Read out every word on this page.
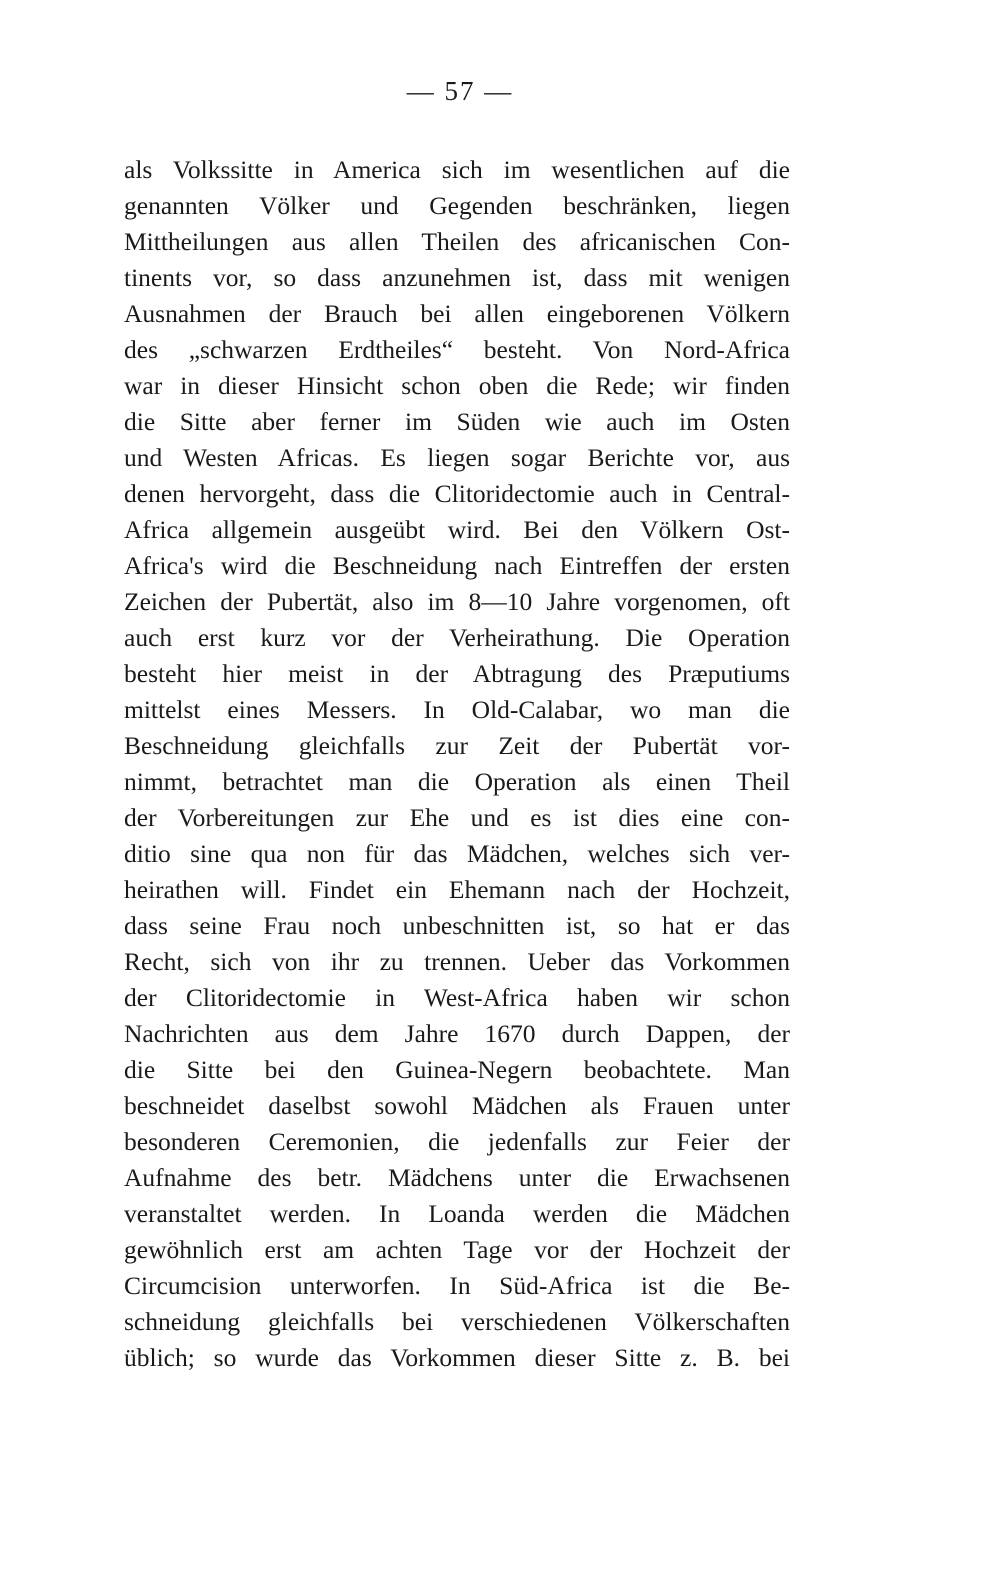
— 57 —
als Volkssitte in America sich im wesentlichen auf die
genannten Völker und Gegenden beschränken, liegen
Mittheilungen aus allen Theilen des africanischen Con-
tinents vor, so dass anzunehmen ist, dass mit wenigen
Ausnahmen der Brauch bei allen eingeborenen Völkern
des „schwarzen Erdtheiles“ besteht. Von Nord-Africa
war in dieser Hinsicht schon oben die Rede; wir finden
die Sitte aber ferner im Süden wie auch im Osten
und Westen Africas. Es liegen sogar Berichte vor, aus
denen hervorgeht, dass die Clitoridectomie auch in Central-
Africa allgemein ausgeübt wird. Bei den Völkern Ost-
Africa's wird die Beschneidung nach Eintreffen der ersten
Zeichen der Pubertät, also im 8—10 Jahre vorgenomen, oft
auch erst kurz vor der Verheirathung. Die Operation
besteht hier meist in der Abtragung des Præputiums
mittelst eines Messers. In Old-Calabar, wo man die
Beschneidung gleichfalls zur Zeit der Pubertät vor-
nimmt, betrachtet man die Operation als einen Theil
der Vorbereitungen zur Ehe und es ist dies eine con-
ditio sine qua non für das Mädchen, welches sich ver-
heirathen will. Findet ein Ehemann nach der Hochzeit,
dass seine Frau noch unbeschnitten ist, so hat er das
Recht, sich von ihr zu trennen. Ueber das Vorkommen
der Clitoridectomie in West-Africa haben wir schon
Nachrichten aus dem Jahre 1670 durch Dappen, der
die Sitte bei den Guinea-Negern beobachtete. Man
beschneidet daselbst sowohl Mädchen als Frauen unter
besonderen Ceremonien, die jedenfalls zur Feier der
Aufnahme des betr. Mädchens unter die Erwachsenen
veranstaltet werden. In Loanda werden die Mädchen
gewöhnlich erst am achten Tage vor der Hochzeit der
Circumcision unterworfen. In Süd-Africa ist die Be-
schneidung gleichfalls bei verschiedenen Völkerschaften
üblich; so wurde das Vorkommen dieser Sitte z. B. bei
